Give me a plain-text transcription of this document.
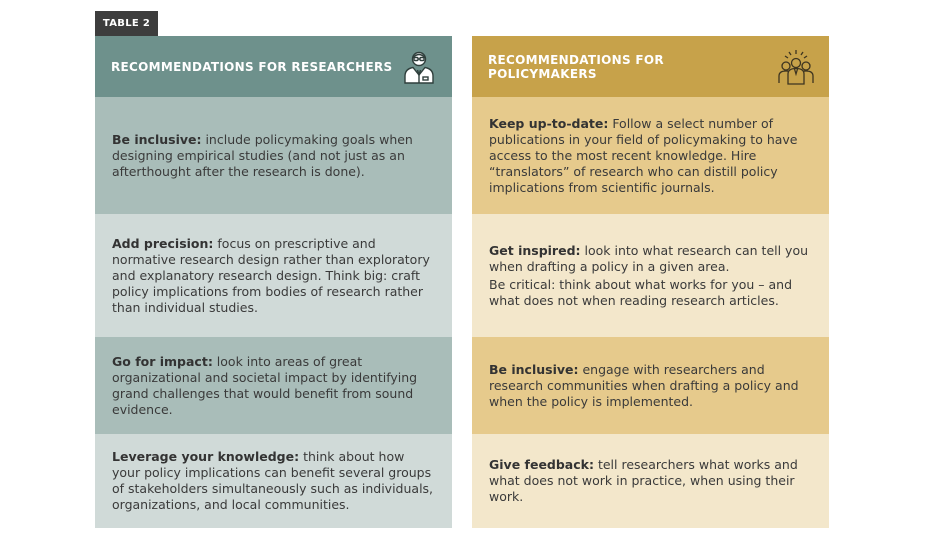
TABLE 2
RECOMMENDATIONS FOR RESEARCHERS

Be inclusive: include policymaking goals when designing empirical studies (and not just as an afterthought after the research is done).

Add precision: focus on prescriptive and normative research design rather than exploratory and explanatory research design. Think big: craft policy implications from bodies of research rather than individual studies.

Go for impact: look into areas of great organizational and societal impact by identifying grand challenges that would benefit from sound evidence.

Leverage your knowledge: think about how your policy implications can benefit several groups of stakeholders simultaneously such as individuals, organizations, and local communities.

RECOMMENDATIONS FOR POLICYMAKERS

Keep up-to-date: Follow a select number of publications in your field of policymaking to have access to the most recent knowledge. Hire “translators” of research who can distill policy implications from scientific journals.

Get inspired: look into what research can tell you when drafting a policy in a given area.

Be critical: think about what works for you – and what does not when reading research articles.

Be inclusive: engage with researchers and research communities when drafting a policy and when the policy is implemented.

Give feedback: tell researchers what works and what does not work in practice, when using their work.
